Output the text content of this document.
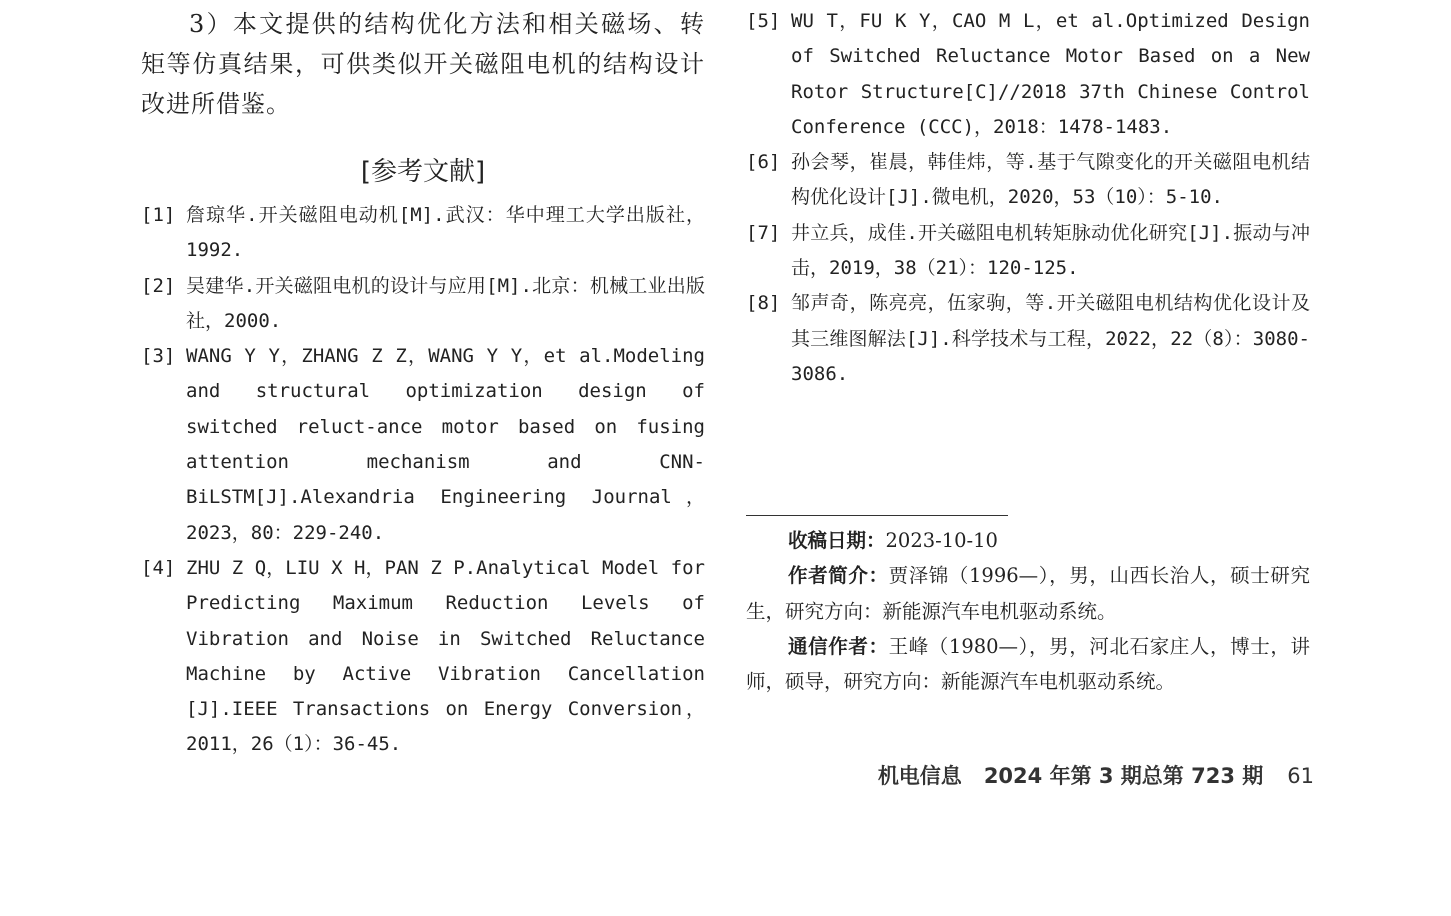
3）本文提供的结构优化方法和相关磁场、转矩等仿真结果，可供类似开关磁阻电机的结构设计改进所借鉴。

[参考文献]
[1] 詹琼华.开关磁阻电动机[M].武汉：华中理工大学出版社，1992.
[2] 吴建华.开关磁阻电机的设计与应用[M].北京：机械工业出版社，2000.
[3] WANG Y Y，ZHANG Z Z，WANG Y Y，et al.Modeling and structural optimization design of switched reluct-ance motor based on fusing attention mechanism and CNN-BiLSTM[J].Alexandria Engineering Journal，2023，80：229-240.
[4] ZHU Z Q，LIU X H，PAN Z P.Analytical Model for Predicting Maximum Reduction Levels of Vibration and Noise in Switched Reluctance Machine by Active Vibration Cancellation [J].IEEE Transactions on Energy Conversion，2011，26（1）：36-45.
[5] WU T，FU K Y，CAO M L，et al.Optimized Design of Switched Reluctance Motor Based on a New Rotor Structure[C]//2018 37th Chinese Control Conference (CCC)，2018：1478-1483.
[6] 孙会琴，崔晨，韩佳炜，等.基于气隙变化的开关磁阻电机结构优化设计[J].微电机，2020，53（10）：5-10.
[7] 井立兵，成佳.开关磁阻电机转矩脉动优化研究[J].振动与冲击，2019，38（21）：120-125.
[8] 邹声奇，陈亮亮，伍家驹，等.开关磁阻电机结构优化设计及其三维图解法[J].科学技术与工程，2022，22（8）：3080-3086.

收稿日期：2023-10-10

作者简介：贾泽锦（1996—），男，山西长治人，硕士研究生，研究方向：新能源汽车电机驱动系统。

通信作者：王峰（1980—），男，河北石家庄人，博士，讲师，硕导，研究方向：新能源汽车电机驱动系统。

机电信息 2024 年第 3 期总第 723 期 61
